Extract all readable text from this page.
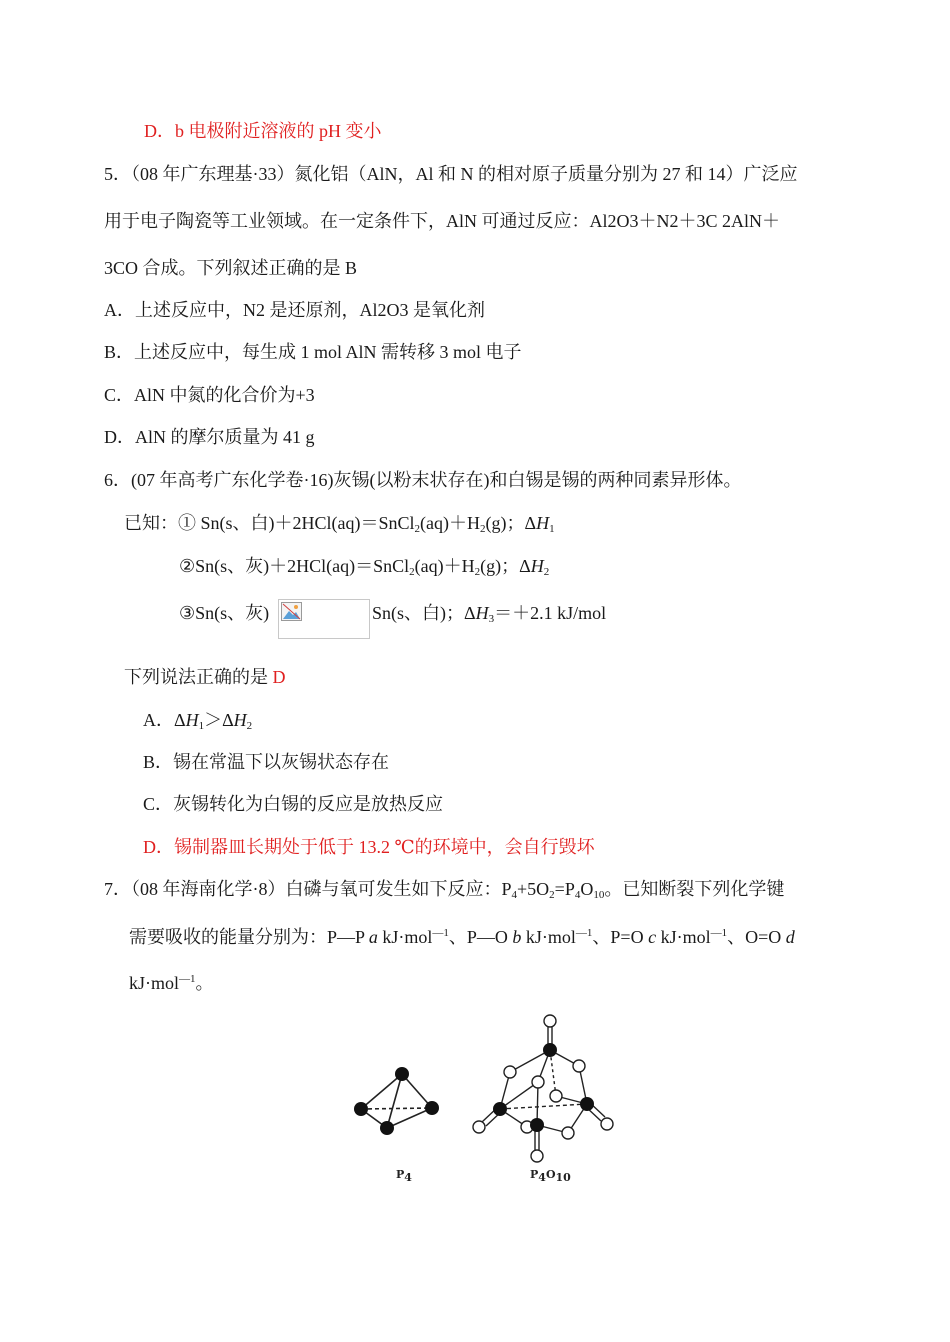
D．b 电极附近溶液的 pH 变小
5．（08 年广东理基·33）氮化铝（AlN，Al 和 N 的相对原子质量分别为 27 和 14）广泛应
用于电子陶瓷等工业领域。在一定条件下，AlN 可通过反应：Al2O3＋N2＋3C 2AlN＋
3CO 合成。下列叙述正确的是 B
A．上述反应中，N2 是还原剂，Al2O3 是氧化剂
B．上述反应中，每生成 1 mol AlN 需转移 3 mol 电子
C．AlN 中氮的化合价为+3
D．AlN 的摩尔质量为 41 g
6．(07 年高考广东化学卷·16)灰锡(以粉末状存在)和白锡是锡的两种同素异形体。
已知：① Sn(s、白)$+2HCl(aq)=SnCl_2(aq)+H_2(g)$；$\Delta H_1$
②Sn(s、灰)$+2HCl(aq)=SnCl_2(aq)+H_2(g)$；$\Delta H_2$
③Sn(s、灰)	Sn(s、白)；$\Delta H_3=+2.1$ kJ/mol
下列说法正确的是 D
A．$\Delta H_1>\Delta H_2$
B．锡在常温下以灰锡状态存在
C．灰锡转化为白锡的反应是放热反应
D．锡制器皿长期处于低于 13.2 ℃的环境中，会自行毁坏
7．（08 年海南化学·8）白磷与氧可发生如下反应：$P_4+5O_2=P_4O_{10}$。已知断裂下列化学键
需要吸收的能量分别为：P—P a kJ·mol$^{—1}$、P—O b kJ·mol$^{—1}$、P=O c kJ·mol$^{—1}$、O=O d
kJ·mol$^{—1}$。
$P_4$	$P_4O_{10}$
